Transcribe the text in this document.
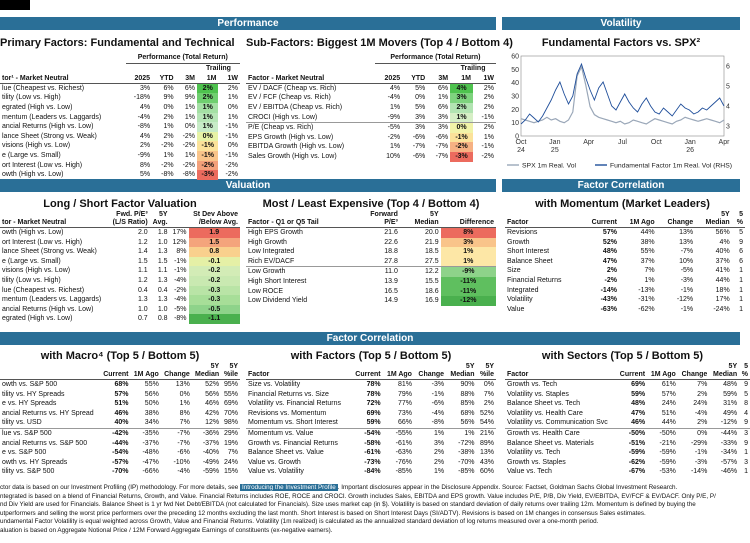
Performance	Volatility
Valuation	Factor Correlation
Factor Correlation
Primary Factors: Fundamental and Technical Sub-Factors: Biggest 1M Movers (Top 4 / Bottom 4)	Fundamental Factors vs. SPX²
Long / Short Factor Valuation	Most / Least Expensive (Top 4 / Bottom 4)	with Momentum (Market Leaders)
with Macro⁴ (Top 5 / Bottom 5)	with Factors (Top 5 / Bottom 5)	with Sectors (Top 5 / Bottom 5)
	Performance (Total Return)				
				Trailing	
tor¹ - Market Neutral	2025	YTD	3M	1M	1W
lue (Cheapest vs. Richest)	3%	6%	6%	2%	2%
tility (Low vs. High)	-18%	9%	9%	2%	1%
egrated (High vs. Low)	4%	0%	1%	1%	0%
mentum (Leaders vs. Laggards)	-4%	2%	1%	1%	1%
ancial Returns (High vs. Low)	-8%	1%	0%	1%	-1%
lance Sheet (Strong vs. Weak)	4%	2%	-2%	0%	-1%
visions (High vs. Low)	2%	-2%	-2%	-1%	0%
e (Large vs. Small)	-9%	1%	1%	-1%	-1%
ort Interest (Low vs. High)	8%	-2%	-2%	-2%	-2%
owth (High vs. Low)	5%	-8%	-8%	-3%	-2%
	Performance (Total Return)				
				Trailing	
Factor - Market Neutral	2025	YTD	3M	1M	1W
EV / DACF (Cheap vs. Rich)	4%	5%	6%	4%	2%
EV / FCF (Cheap vs. Rich)	-4%	0%	1%	3%	2%
EV / EBITDA (Cheap vs. Rich)	1%	5%	6%	2%	2%
CROCI (High vs. Low)	-9%	3%	3%	1%	-1%
P/E (Cheap vs. Rich)	-5%	3%	3%	0%	2%
EPS Growth (High vs. Low)	-2%	-6%	-6%	-1%	1%
EBITDA Growth (High vs. Low)	1%	-7%	-7%	-2%	-1%
Sales Growth (High vs. Low)	10%	-6%	-7%	-3%	-2%
0
10
20
30
40
50
60
3
4
5
6
Oct
24
Jan
25
Apr	Jul	Oct	Jan
26
Apr
SPX 1m Real. Vol	Fundamental Factor 1m Real. Vol (RHS)
tor - Market Neutral	Fwd. P/E³
(L/S Ratio)	5Y
Avg.		St Dev Above
/Below Avg.
owth (High vs. Low)	2.0	1.8	17%	1.9
ort Interest (Low vs. High)	1.2	1.0	12%	1.5
lance Sheet (Strong vs. Weak)	1.4	1.3	8%	0.8
e (Large vs. Small)	1.5	1.5	-1%	-0.1
visions (High vs. Low)	1.1	1.1	-1%	-0.2
tility (Low vs. High)	1.2	1.3	-4%	-0.2
lue (Cheapest vs. Richest)	0.4	0.4	-2%	-0.3
mentum (Leaders vs. Laggards)	1.3	1.3	-4%	-0.3
ancial Returns (High vs. Low)	1.0	1.0	-5%	-0.5
egrated (High vs. Low)	0.7	0.8	-8%	-1.1
Factor - Q1 or Q5 Tail	Forward
P/E³	5Y
Median	Difference
High EPS Growth	21.6	20.0	8%
High Growth	22.6	21.9	3%
Low Integrated	18.8	18.5	1%
Rich EV/DACF	27.8	27.5	1%
Low Growth	11.0	12.2	-9%
High Short Interest	13.9	15.5	-11%
Low ROCE	16.5	18.6	-11%
Low Dividend Yield	14.9	16.9	-12%
Factor	Current	1M Ago	Change	5Y
Median	5
%
Revisions	57%	44%	13%	56%	5
Growth	52%	38%	13%	4%	9
Short Interest	48%	55%	-7%	40%	6
Balance Sheet	47%	37%	10%	37%	6
Size	2%	7%	-5%	41%	1
Financial Returns	-2%	1%	-3%	44%	1
Integrated	-14%	-13%	-1%	18%	1
Volatility	-43%	-31%	-12%	17%	1
Value	-63%	-62%	-1%	-24%	1
	Current	1M Ago	Change	5Y
Median	5Y
%ile
owth vs. S&P 500	68%	55%	13%	52%	95%
tility vs. HY Spreads	57%	56%	0%	56%	55%
e vs. HY Spreads	51%	50%	1%	46%	69%
ancial Returns vs. HY Spread	46%	38%	8%	42%	70%
tility vs. USD	40%	34%	7%	12%	98%
lue vs. S&P 500	-42%	-35%	-7%	-36%	29%
ancial Returns vs. S&P 500	-44%	-37%	-7%	-37%	19%
e vs. S&P 500	-54%	-48%	-6%	-40%	7%
owth vs. HY Spreads	-57%	-47%	-10%	-49%	24%
tility vs. S&P 500	-70%	-66%	-4%	-59%	15%
Factor	Current	1M Ago	Change	5Y
Median	5Y
%ile
Size vs. Volatility	78%	81%	-3%	90%	0%
Financial Returns vs. Size	78%	79%	-1%	88%	7%
Volatility vs. Financial Returns	72%	77%	-6%	85%	2%
Revisions vs. Momentum	69%	73%	-4%	68%	52%
Momentum vs. Short Interest	59%	66%	-8%	56%	54%
Momentum vs. Value	-54%	-55%	1%	1%	21%
Growth vs. Financial Returns	-58%	-61%	3%	-72%	89%
Balance Sheet vs. Value	-61%	-63%	2%	-38%	13%
Value vs. Growth	-73%	-76%	2%	-70%	43%
Value vs. Volatility	-84%	-85%	1%	-85%	60%
Factor	Current	1M Ago	Change	5Y
Median	5
%
Growth vs. Tech	69%	61%	7%	48%	9
Volatility vs. Staples	59%	57%	2%	59%	5
Balance Sheet vs. Tech	48%	24%	24%	31%	8
Volatility vs. Health Care	47%	51%	-4%	49%	4
Volatility vs. Communication Svc	46%	44%	2%	-12%	9
Growth vs. Health Care	-50%	-50%	0%	-44%	3
Balance Sheet vs. Materials	-51%	-21%	-29%	-33%	9
Volatility vs. Tech	-59%	-59%	-1%	-34%	1
Growth vs. Staples	-62%	-59%	-3%	-57%	3
Value vs. Tech	-67%	-53%	-14%	-46%	1
ctor data is based on our Investment Profiling (IP) methodology. For more details, see Introducing the Investment Profile . Important disclosures appear in the Disclosure Appendix. Source: Factset, Goldman Sachs Global Investment Research.
ntegrated is based on a blend of Financial Returns, Growth, and Value. Financial Returns includes ROE, ROCE and CROCI. Growth includes Sales, EBITDA and EPS growth. Value includes P/E, P/B, Div Yield, EV/EBITDA, EV/FCF & EV/DACF. Only P/E, P/
nd Div Yield are used for Financials. Balance Sheet is 1 yr fwd Net Debt/EBITDA (not calculated for Financials). Size uses market cap (in $). Volatility is based on standard deviation of daily returns over trailing 12m. Momentum is defined by buying the
utperformers and selling the worst price performers over the preceding 12 months excluding the last month. Short Interest is based on Short Interest Days (SI/ADTV). Revisions is based on 1M changes in consensus Sales estimates.
undamental Factor Volatility is equal weighted across Growth, Value and Financial Returns. Volatility (1m realized) is calculated as the annualized standard deviation of log returns measured over a one-month period.
aluation is based on Aggregate Notional Price / 12M Forward Aggregate Earnings of constituents (ex-negative earners).
